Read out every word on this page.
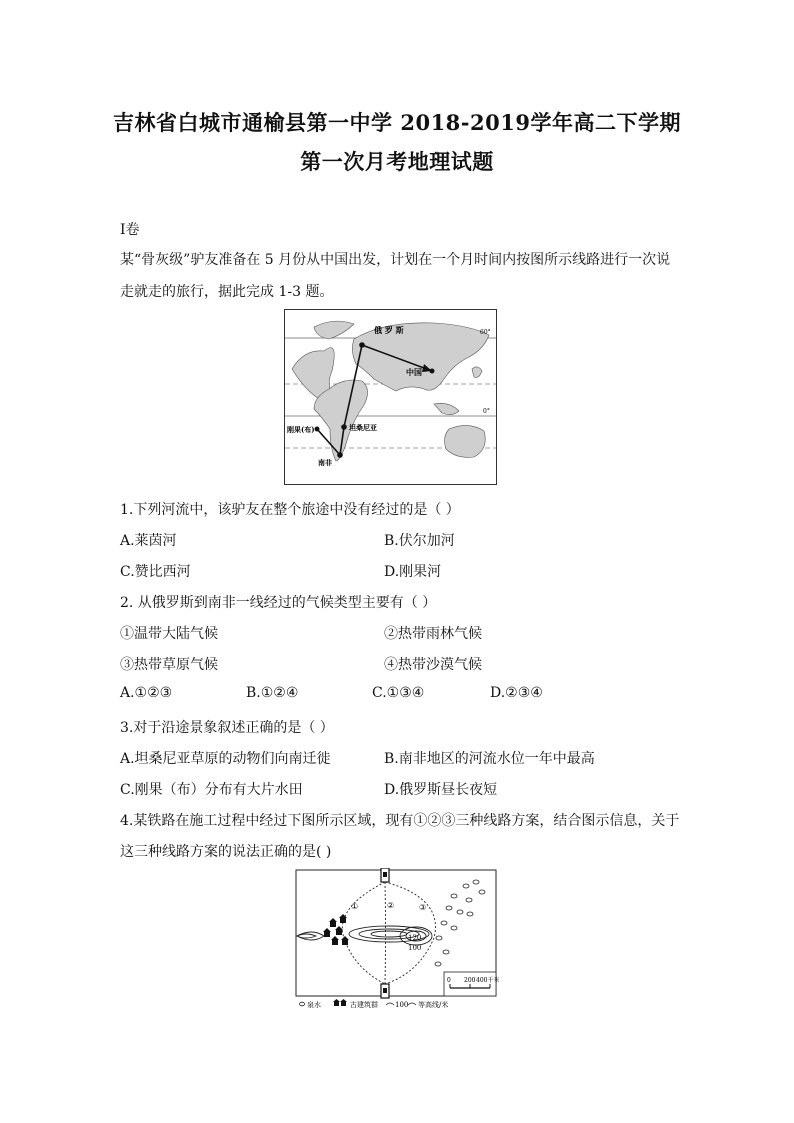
吉林省白城市通榆县第一中学 2018-2019学年高二下学期
第一次月考地理试题
I卷
某“骨灰级”驴友准备在 5 月份从中国出发，计划在一个月时间内按图所示线路进行一次说
走就走的旅行，据此完成 1-3 题。
俄 罗 斯
中国
坦桑尼亚
刚果(布)
南非
60°
0°
1.下列河流中，该驴友在整个旅途中没有经过的是（ ）
A.莱茵河	B.伏尔加河
C.赞比西河	D.刚果河
2. 从俄罗斯到南非一线经过的气候类型主要有（ ）
①温带大陆气候	②热带雨林气候
③热带草原气候	④热带沙漠气候
A.①②③	B.①②④	C.①③④	D.②③④
3.对于沿途景象叙述正确的是（ ）
A.坦桑尼亚草原的动物们向南迁徙	B.南非地区的河流水位一年中最高
C.刚果（布）分布有大片水田	D.俄罗斯昼长夜短
4.某铁路在施工过程中经过下图所示区域，现有①②③三种线路方案，结合图示信息，关于
这三种线路方案的说法正确的是( )
①	②	③
120
100
0 200 400千米
泉水	古建筑群 100 等高线/米
